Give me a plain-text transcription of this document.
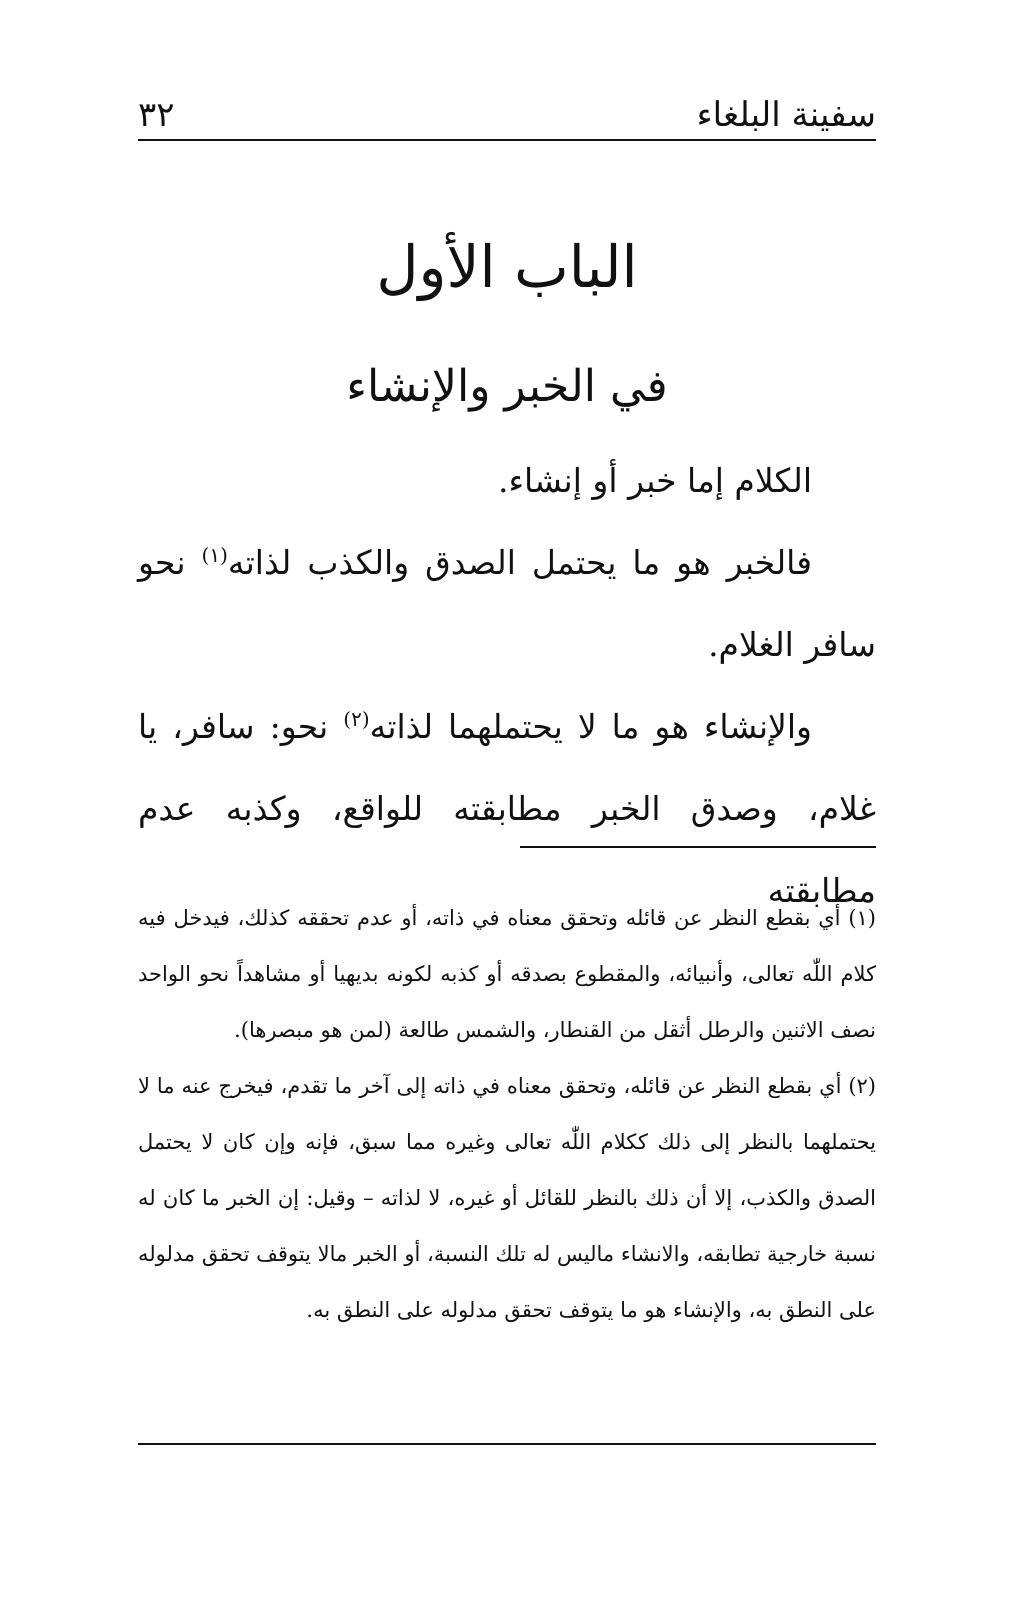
سفينة البلغاء
٣٢
الباب الأول
في الخبر والإنشاء

الكلام إما خبر أو إنشاء.

فالخبر هو ما يحتمل الصدق والكذب لذاته$^{(١)}$ نحو سافر الغلام.

والإنشاء هو ما لا يحتملهما لذاته$^{(٢)}$ نحو: سافر، يا غلام، وصدق الخبر مطابقته للواقع، وكذبه عدم مطابقته

(١) أي بقطع النظر عن قائله وتحقق معناه في ذاته، أو عدم تحققه كذلك، فيدخل فيه كلام اللّٰه تعالى، وأنبيائه، والمقطوع بصدقه أو كذبه لكونه بديهيا أو مشاهداً نحو الواحد نصف الاثنين والرطل أثقل من القنطار، والشمس طالعة (لمن هو مبصرها).

(٢) أي بقطع النظر عن قائله، وتحقق معناه في ذاته إلى آخر ما تقدم، فيخرج عنه ما لا يحتملهما بالنظر إلى ذلك ككلام اللّٰه تعالى وغيره مما سبق، فإنه وإن كان لا يحتمل الصدق والكذب، إلا أن ذلك بالنظر للقائل أو غيره، لا لذاته – وقيل: إن الخبر ما كان له نسبة خارجية تطابقه، والانشاء ماليس له تلك النسبة، أو الخبر مالا يتوقف تحقق مدلوله على النطق به، والإنشاء هو ما يتوقف تحقق مدلوله على النطق به.
